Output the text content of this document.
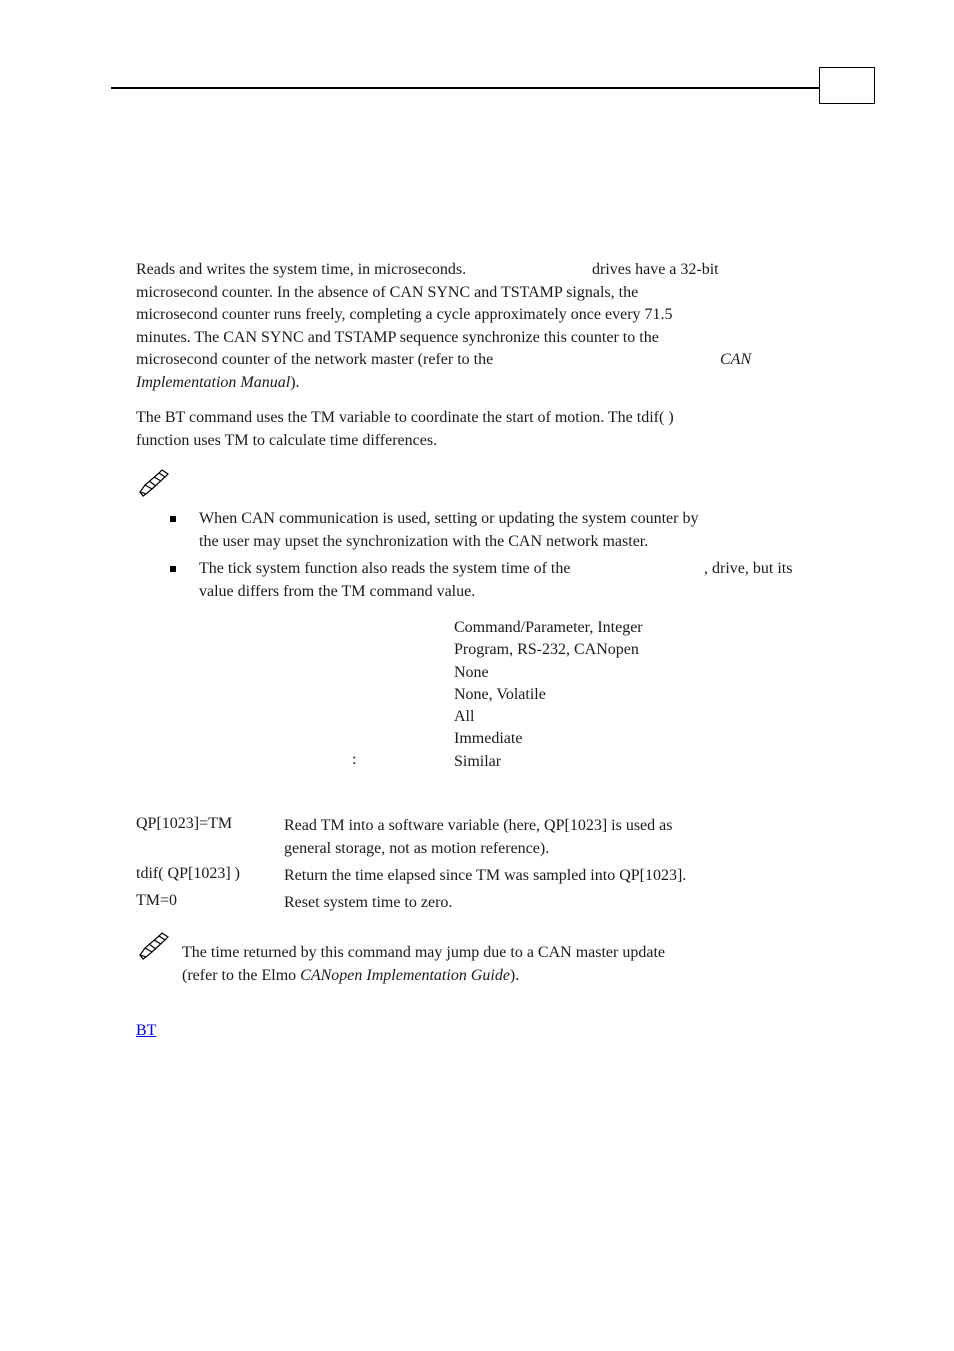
Reads and writes the system time, in microseconds.	drives have a 32-bit
microsecond counter. In the absence of CAN SYNC and TSTAMP signals, the
microsecond counter runs freely, completing a cycle approximately once every 71.5
minutes. The CAN SYNC and TSTAMP sequence synchronize this counter to the
microsecond counter of the network master (refer to the	CAN
Implementation Manual).
The BT command uses the TM variable to coordinate the start of motion. The tdif( )
function uses TM to calculate time differences.
When CAN communication is used, setting or updating the system counter by
the user may upset the synchronization with the CAN network master.
The tick system function also reads the system time of the	, drive, but its
value differs from the TM command value.
Command/Parameter, Integer
Program, RS-232, CANopen
None
None, Volatile
All
Immediate
Similar
:
QP[1023]=TM	Read TM into a software variable (here, QP[1023] is used as
general storage, not as motion reference).
tdif( QP[1023] )	Return the time elapsed since TM was sampled into QP[1023].
TM=0	Reset system time to zero.
The time returned by this command may jump due to a CAN master update
(refer to the Elmo CANopen Implementation Guide).
BT
